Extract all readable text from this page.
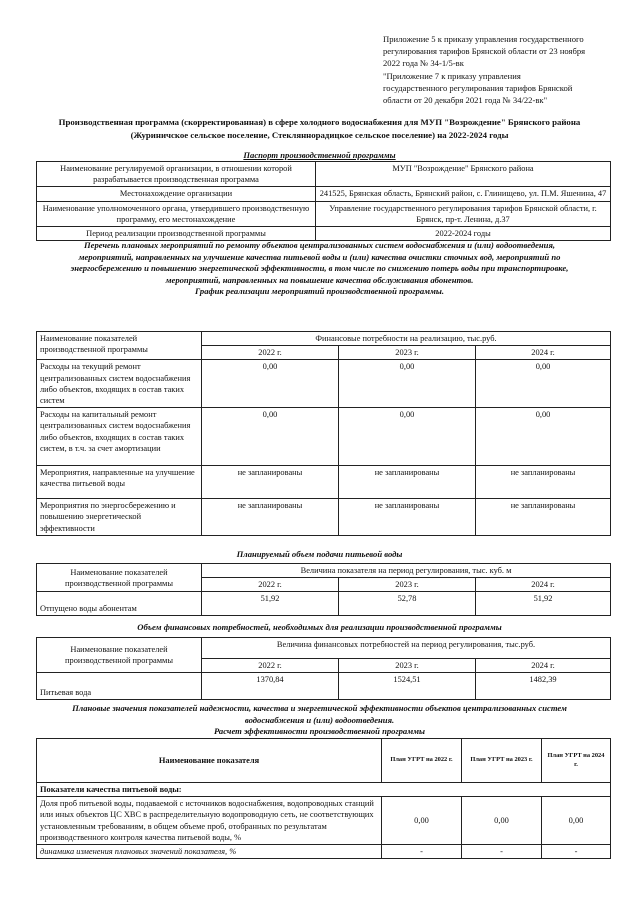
Приложение 5 к приказу управления государственного
регулирования тарифов Брянской области от 23 ноября
2022 года № 34-1/5-вк
"Приложение 7 к приказу управления
государственного регулирования тарифов Брянской
области от 20 декабря 2021 года № 34/22-вк"
Производственная программа (скорректированная) в сфере холодного водоснабжения для МУП "Возрождение" Брянского района
(Журиничское сельское поселение, Стекляннорадицкое сельское поселение) на 2022-2024 годы
Паспорт производственной программы
Наименование регулируемой организации, в отношении которой разрабатывается производственная программа	МУП "Возрождение" Брянского района
Местонахождение организации	241525, Брянская область, Брянский район, с. Глинищево, ул. П.М. Яшенина, 47
Наименование уполномоченного органа, утвердившего производственную программу, его местонахождение	Управление государственного регулирования тарифов Брянской области, г. Брянск, пр-т. Ленина, д.37
Период реализации производственной программы	2022-2024 годы
Перечень плановых мероприятий по ремонту объектов централизованных систем водоснабжения и (или) водоотведения,
мероприятий, направленных на улучшение качества питьевой воды и (или) качества очистки сточных вод, мероприятий по
энергосбережению и повышению энергетической эффективности, в том числе по снижению потерь воды при транспортировке,
мероприятий, направленных на повышение качества обслуживания абонентов.
График реализации мероприятий производственной программы.
Наименование показателей производственной программы	Финансовые потребности на реализацию, тыс.руб.		
	2022 г.	2023 г.	2024 г.
Расходы на текущий ремонт централизованных систем водоснабжения либо объектов, входящих в состав таких систем	0,00	0,00	0,00
Расходы на капитальный ремонт централизованных систем водоснабжения либо объектов, входящих в состав таких систем, в т.ч. за счет амортизации	0,00	0,00	0,00
Мероприятия, направленные на улучшение качества питьевой воды	не запланированы	не запланированы	не запланированы
Мероприятия по энергосбережению и повышению энергетической эффективности	не запланированы	не запланированы	не запланированы
Планируемый объем подачи питьевой воды
Наименование показателей производственной программы	Величина показателя на период регулирования, тыс. куб. м		
	2022 г.	2023 г.	2024 г.
Отпущено воды абонентам	51,92	52,78	51,92
Объем финансовых потребностей, необходимых для реализации производственной программы
Наименование показателей производственной программы	Величина финансовых потребностей на период регулирования, тыс.руб.		
	2022 г.	2023 г.	2024 г.
Питьевая вода	1370,84	1524,51	1482,39
Плановые значения показателей надежности, качества и энергетической эффективности объектов централизованных систем
водоснабжения и (или) водоотведения.
Расчет эффективности производственной программы
Наименование показателя	План УГРТ на 2022 г.	План УГРТ на 2023 г.	План УГРТ на 2024 г.
Показатели качества питьевой воды:			
Доля проб питьевой воды, подаваемой с источников водоснабжения, водопроводных станций или иных объектов ЦС ХВС в распределительную водопроводную сеть, не соответствующих установленным требованиям, в общем объеме проб, отобранных по результатам производственного контроля качества питьевой воды, %	0,00	0,00	0,00
динамика изменения плановых значений показателя, %	-	-	-
